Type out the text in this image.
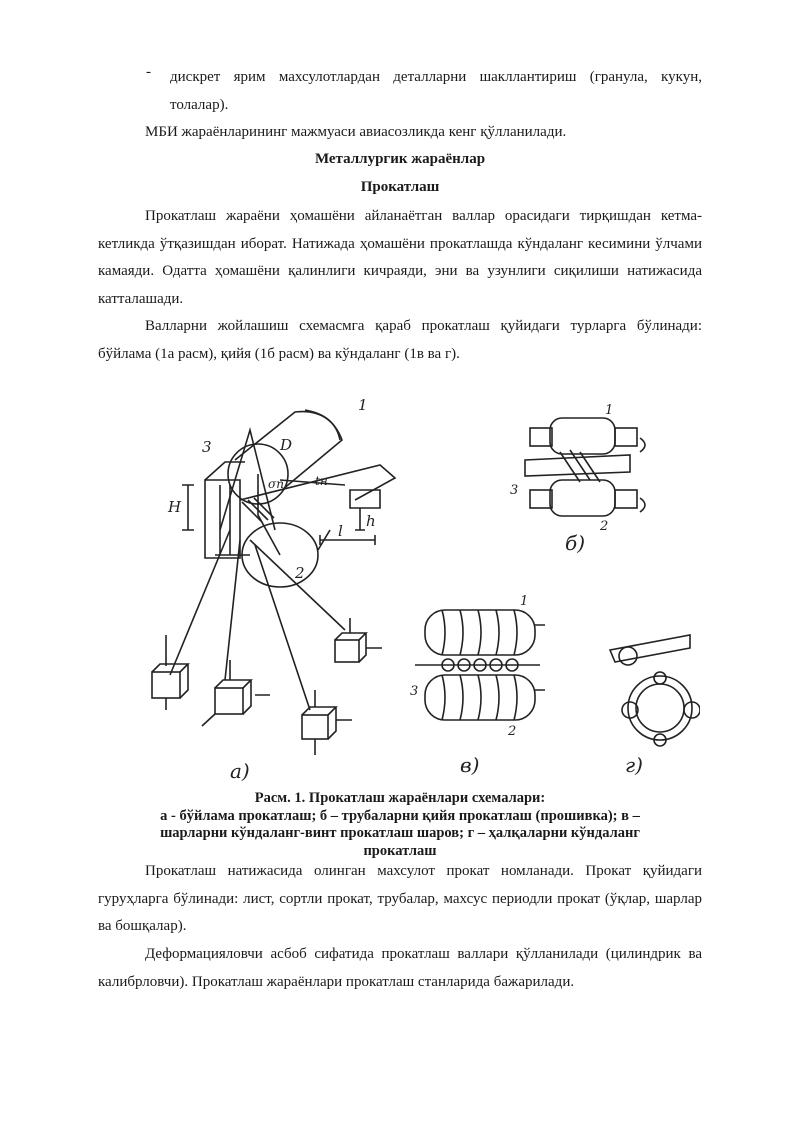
- дискрет ярим махсулотлардан деталларни шакллантириш (гранула, кукун, толалар).

МБИ жараёнларининг мажмуаси авиасозликда кенг қўлланилади.

Металлургик жараёнлар

Прокатлаш

Прокатлаш жараёни ҳомашёни айланаётган валлар орасидаги тирқишдан кетма-кетликда ўтқазишдан иборат. Натижада ҳомашёни прокатлашда кўндаланг кесимини ўлчами камаяди. Одатта ҳомашёни қалинлиги кичраяди, эни ва узунлиги сиқилиши натижасида катталашади.

Валларни жойлашиш схемасмга қараб прокатлаш қуйидаги турларга бўлинади: бўйлама (1а расм), қийя (1б расм) ва кўндаланг (1в ва г).

1
3
2
D
H
h
l
σп	tн
1
2
3
1
2
3
а)
б)
в)	г)
Расм. 1. Прокатлаш жараёнлари схемалари:
а - бўйлама прокатлаш; б – трубаларни қийя прокатлаш (прошивка); в –
шарларни кўндаланг-винт прокатлаш шаров; г – ҳалқаларни кўндаланг
прокатлаш

Прокатлаш натижасида олинган махсулот прокат номланади. Прокат қуйидаги гуруҳларга бўлинади: лист, сортли прокат, трубалар, махсус периодли прокат (ўқлар, шарлар ва бошқалар).

Деформацияловчи асбоб сифатида прокатлаш валлари қўлланилади (цилиндрик ва калибрловчи). Прокатлаш жараёнлари прокатлаш станларида бажарилади.
